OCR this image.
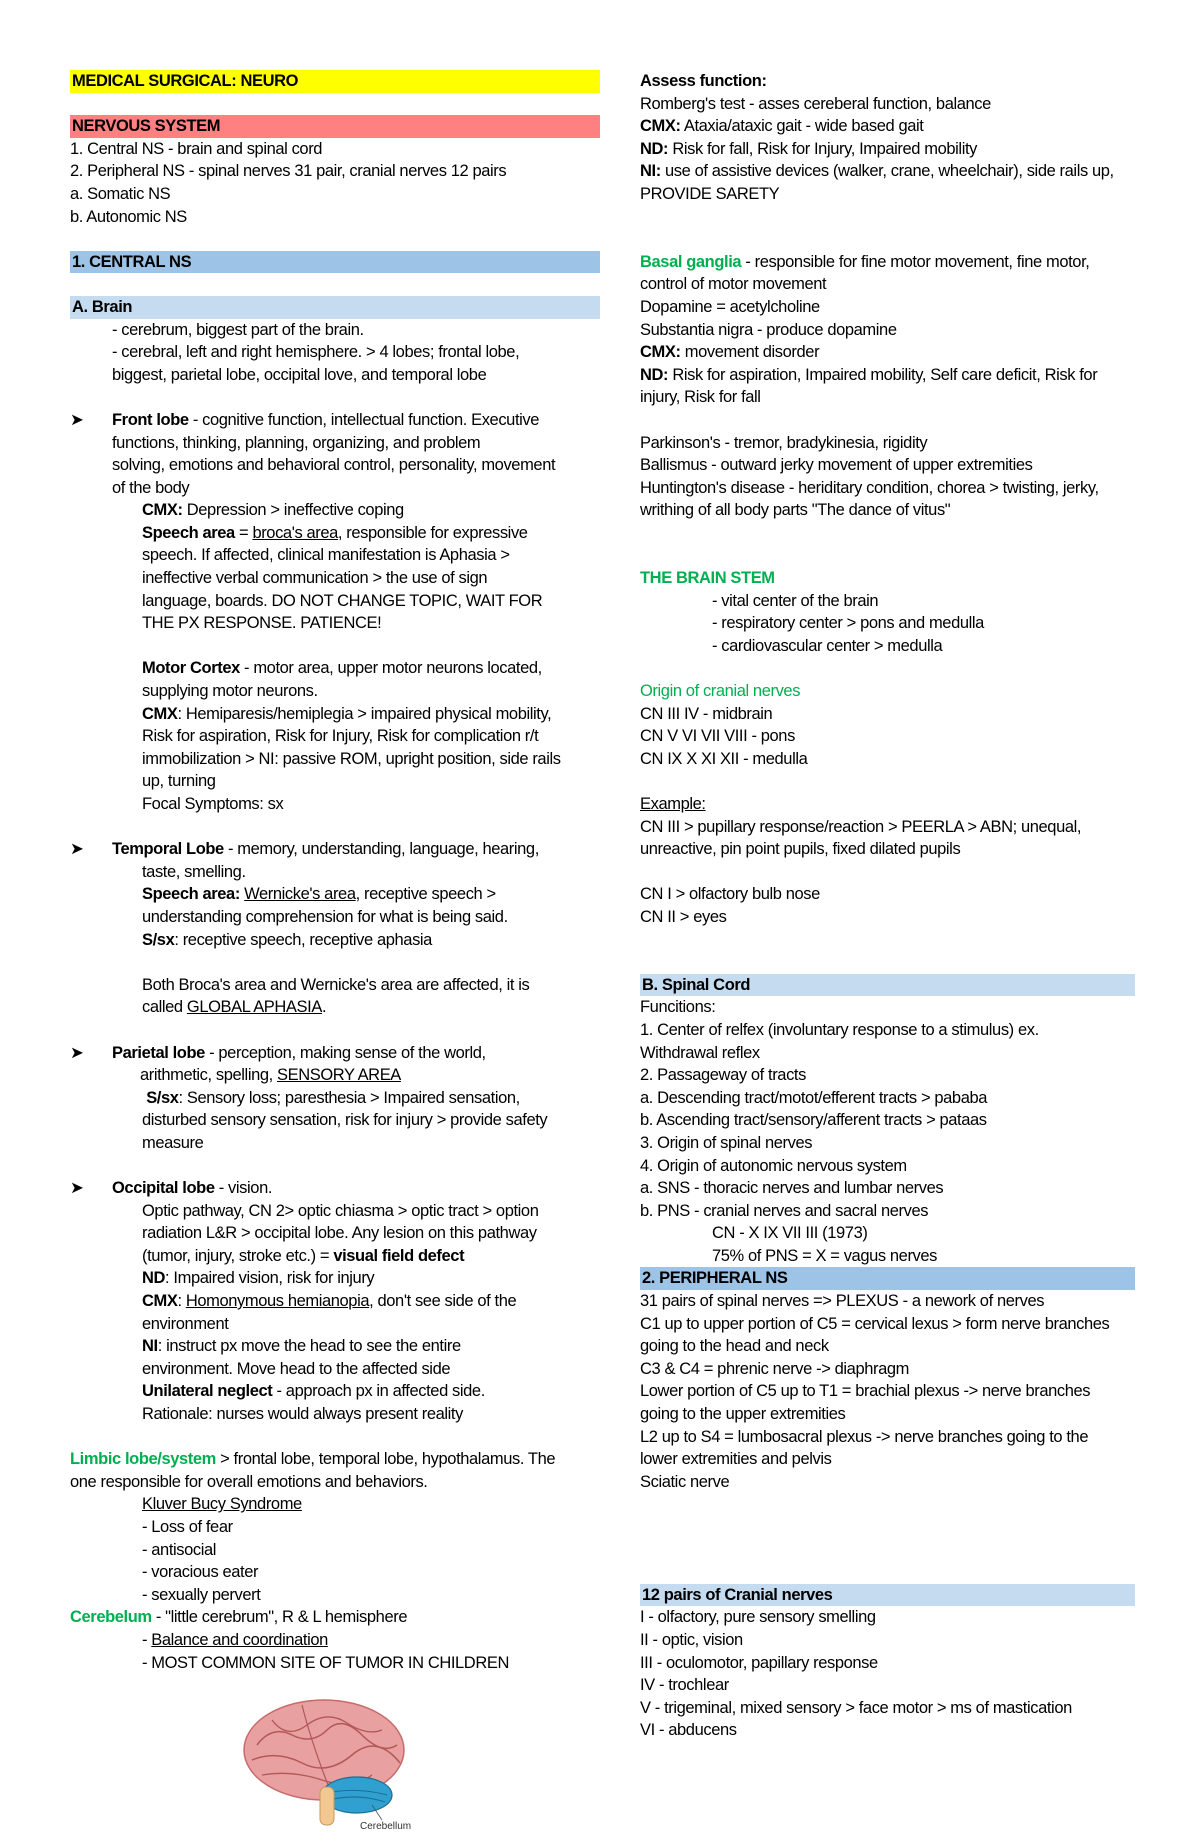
MEDICAL SURGICAL: NEURO
NERVOUS SYSTEM
1. Central NS - brain and spinal cord
2. Peripheral NS - spinal nerves 31 pair, cranial nerves 12 pairs
a. Somatic NS
b. Autonomic NS
1. CENTRAL NS
A. Brain
- cerebrum, biggest part of the brain.
- cerebral, left and right hemisphere. > 4 lobes; frontal lobe,
biggest, parietal lobe, occipital love, and temporal lobe
➤ Front lobe - cognitive function, intellectual function. Executive
functions, thinking, planning, organizing, and problem
solving, emotions and behavioral control, personality, movement
of the body
CMX: Depression > ineffective coping
Speech area = broca's area, responsible for expressive
speech. If affected, clinical manifestation is Aphasia >
ineffective verbal communication > the use of sign
language, boards. DO NOT CHANGE TOPIC, WAIT FOR
THE PX RESPONSE. PATIENCE!
Motor Cortex - motor area, upper motor neurons located,
supplying motor neurons.
CMX: Hemiparesis/hemiplegia > impaired physical mobility,
Risk for aspiration, Risk for Injury, Risk for complication r/t
immobilization > NI: passive ROM, upright position, side rails
up, turning
Focal Symptoms: sx
➤ Temporal Lobe - memory, understanding, language, hearing,
taste, smelling.
Speech area: Wernicke's area, receptive speech >
understanding comprehension for what is being said.
S/sx: receptive speech, receptive aphasia
Both Broca's area and Wernicke's area are affected, it is
called GLOBAL APHASIA.
➤ Parietal lobe - perception, making sense of the world,
arithmetic, spelling, SENSORY AREA
S/sx: Sensory loss; paresthesia > Impaired sensation,
disturbed sensory sensation, risk for injury > provide safety
measure
➤ Occipital lobe - vision.
Optic pathway, CN 2> optic chiasma > optic tract > option
radiation L&R > occipital lobe. Any lesion on this pathway
(tumor, injury, stroke etc.) = visual field defect
ND: Impaired vision, risk for injury
CMX: Homonymous hemianopia, don't see side of the
environment
NI: instruct px move the head to see the entire
environment. Move head to the affected side
Unilateral neglect - approach px in affected side.
Rationale: nurses would always present reality
Limbic lobe/system > frontal lobe, temporal lobe, hypothalamus. The
one responsible for overall emotions and behaviors.
Kluver Bucy Syndrome
- Loss of fear
- antisocial
- voracious eater
- sexually pervert
Cerebelum - "little cerebrum", R & L hemisphere
- Balance and coordination
- MOST COMMON SITE OF TUMOR IN CHILDREN
Cerebellum
Assess function:
Romberg's test - asses cereberal function, balance
CMX: Ataxia/ataxic gait - wide based gait
ND: Risk for fall, Risk for Injury, Impaired mobility
NI: use of assistive devices (walker, crane, wheelchair), side rails up,
PROVIDE SARETY
Basal ganglia - responsible for fine motor movement, fine motor,
control of motor movement
Dopamine = acetylcholine
Substantia nigra - produce dopamine
CMX: movement disorder
ND: Risk for aspiration, Impaired mobility, Self care deficit, Risk for
injury, Risk for fall
Parkinson's - tremor, bradykinesia, rigidity
Ballismus - outward jerky movement of upper extremities
Huntington's disease - heriditary condition, chorea > twisting, jerky,
writhing of all body parts "The dance of vitus"
THE BRAIN STEM
- vital center of the brain
- respiratory center > pons and medulla
- cardiovascular center > medulla
Origin of cranial nerves
CN III IV - midbrain
CN V VI VII VIII - pons
CN IX X XI XII - medulla
Example:
CN III > pupillary response/reaction > PEERLA > ABN; unequal,
unreactive, pin point pupils, fixed dilated pupils
CN I > olfactory bulb nose
CN II > eyes
B. Spinal Cord
Funcitions:
1. Center of relfex (involuntary response to a stimulus) ex.
Withdrawal reflex
2. Passageway of tracts
a. Descending tract/motot/efferent tracts > pababa
b. Ascending tract/sensory/afferent tracts > pataas
3. Origin of spinal nerves
4. Origin of autonomic nervous system
a. SNS - thoracic nerves and lumbar nerves
b. PNS - cranial nerves and sacral nerves
CN - X IX VII III (1973)
75% of PNS = X = vagus nerves
2. PERIPHERAL NS
31 pairs of spinal nerves => PLEXUS - a nework of nerves
C1 up to upper portion of C5 = cervical lexus > form nerve branches
going to the head and neck
C3 & C4 = phrenic nerve -> diaphragm
Lower portion of C5 up to T1 = brachial plexus -> nerve branches
going to the upper extremities
L2 up to S4 = lumbosacral plexus -> nerve branches going to the
lower extremities and pelvis
Sciatic nerve
12 pairs of Cranial nerves
I - olfactory, pure sensory smelling
II - optic, vision
III - oculomotor, papillary response
IV - trochlear
V - trigeminal, mixed sensory > face motor > ms of mastication
VI - abducens
